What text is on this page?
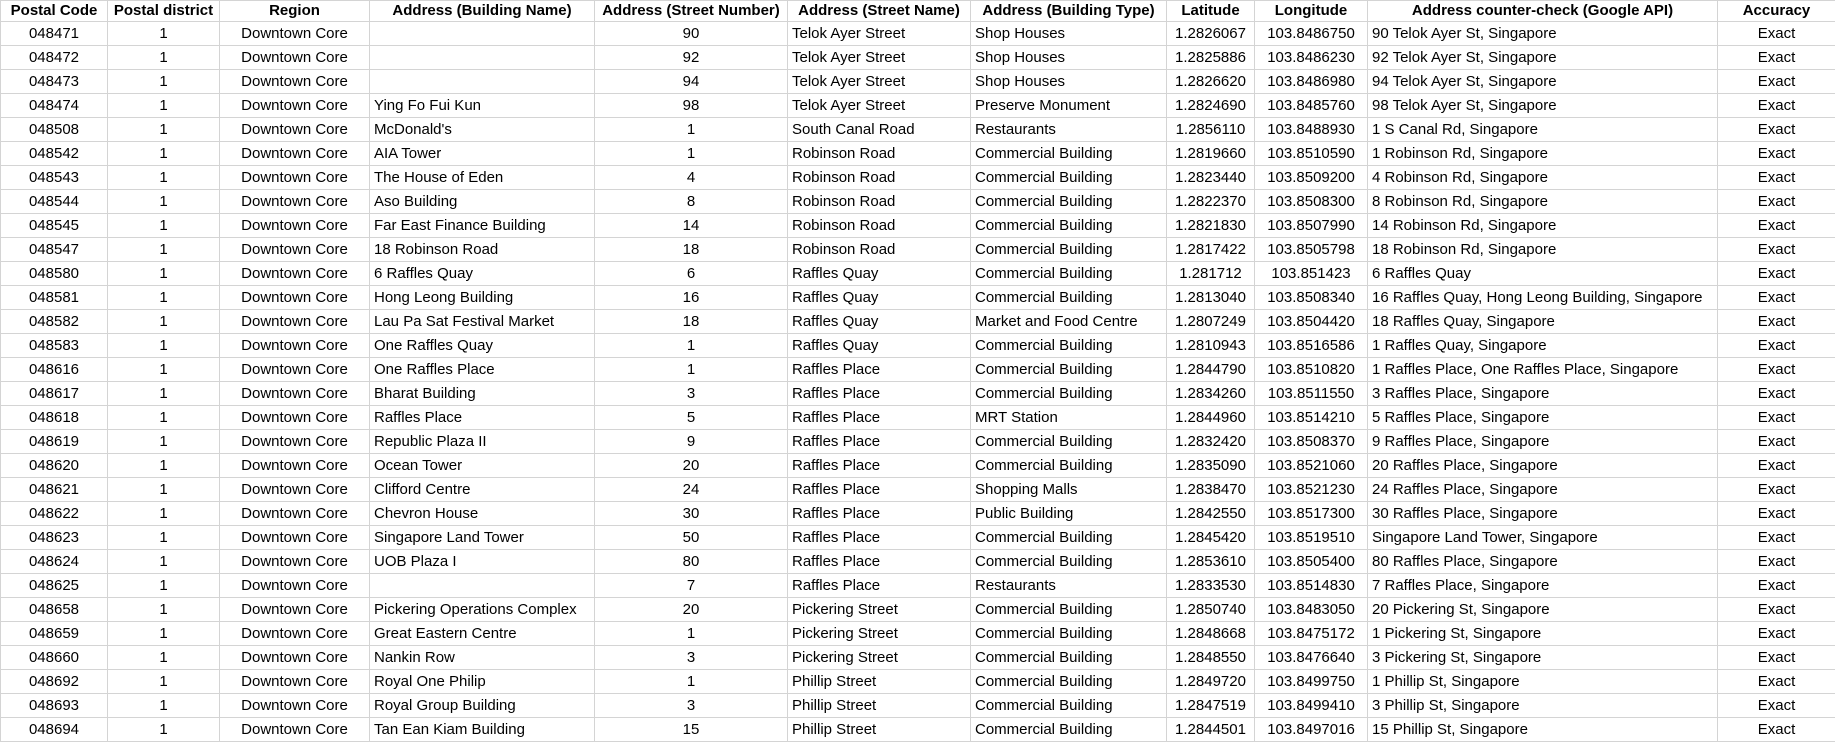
Postal Code	Postal district	Region	Address (Building Name)	Address (Street Number)	Address (Street Name)	Address (Building Type)	Latitude	Longitude	Address counter-check (Google API)	Accuracy
048471	1	Downtown Core		90	Telok Ayer Street	Shop Houses	1.2826067	103.8486750	90 Telok Ayer St, Singapore	Exact
048472	1	Downtown Core		92	Telok Ayer Street	Shop Houses	1.2825886	103.8486230	92 Telok Ayer St, Singapore	Exact
048473	1	Downtown Core		94	Telok Ayer Street	Shop Houses	1.2826620	103.8486980	94 Telok Ayer St, Singapore	Exact
048474	1	Downtown Core	Ying Fo Fui Kun	98	Telok Ayer Street	Preserve Monument	1.2824690	103.8485760	98 Telok Ayer St, Singapore	Exact
048508	1	Downtown Core	McDonald's	1	South Canal Road	Restaurants	1.2856110	103.8488930	1 S Canal Rd, Singapore	Exact
048542	1	Downtown Core	AIA Tower	1	Robinson Road	Commercial Building	1.2819660	103.8510590	1 Robinson Rd, Singapore	Exact
048543	1	Downtown Core	The House of Eden	4	Robinson Road	Commercial Building	1.2823440	103.8509200	4 Robinson Rd, Singapore	Exact
048544	1	Downtown Core	Aso Building	8	Robinson Road	Commercial Building	1.2822370	103.8508300	8 Robinson Rd, Singapore	Exact
048545	1	Downtown Core	Far East Finance Building	14	Robinson Road	Commercial Building	1.2821830	103.8507990	14 Robinson Rd, Singapore	Exact
048547	1	Downtown Core	18 Robinson Road	18	Robinson Road	Commercial Building	1.2817422	103.8505798	18 Robinson Rd, Singapore	Exact
048580	1	Downtown Core	6 Raffles Quay	6	Raffles Quay	Commercial Building	1.281712	103.851423	6 Raffles Quay	Exact
048581	1	Downtown Core	Hong Leong Building	16	Raffles Quay	Commercial Building	1.2813040	103.8508340	16 Raffles Quay, Hong Leong Building, Singapore	Exact
048582	1	Downtown Core	Lau Pa Sat Festival Market	18	Raffles Quay	Market and Food Centre	1.2807249	103.8504420	18 Raffles Quay, Singapore	Exact
048583	1	Downtown Core	One Raffles Quay	1	Raffles Quay	Commercial Building	1.2810943	103.8516586	1 Raffles Quay, Singapore	Exact
048616	1	Downtown Core	One Raffles Place	1	Raffles Place	Commercial Building	1.2844790	103.8510820	1 Raffles Place, One Raffles Place, Singapore	Exact
048617	1	Downtown Core	Bharat Building	3	Raffles Place	Commercial Building	1.2834260	103.8511550	3 Raffles Place, Singapore	Exact
048618	1	Downtown Core	Raffles Place	5	Raffles Place	MRT Station	1.2844960	103.8514210	5 Raffles Place, Singapore	Exact
048619	1	Downtown Core	Republic Plaza II	9	Raffles Place	Commercial Building	1.2832420	103.8508370	9 Raffles Place, Singapore	Exact
048620	1	Downtown Core	Ocean Tower	20	Raffles Place	Commercial Building	1.2835090	103.8521060	20 Raffles Place, Singapore	Exact
048621	1	Downtown Core	Clifford Centre	24	Raffles Place	Shopping Malls	1.2838470	103.8521230	24 Raffles Place, Singapore	Exact
048622	1	Downtown Core	Chevron House	30	Raffles Place	Public Building	1.2842550	103.8517300	30 Raffles Place, Singapore	Exact
048623	1	Downtown Core	Singapore Land Tower	50	Raffles Place	Commercial Building	1.2845420	103.8519510	Singapore Land Tower, Singapore	Exact
048624	1	Downtown Core	UOB Plaza I	80	Raffles Place	Commercial Building	1.2853610	103.8505400	80 Raffles Place, Singapore	Exact
048625	1	Downtown Core		7	Raffles Place	Restaurants	1.2833530	103.8514830	7 Raffles Place, Singapore	Exact
048658	1	Downtown Core	Pickering Operations Complex	20	Pickering Street	Commercial Building	1.2850740	103.8483050	20 Pickering St, Singapore	Exact
048659	1	Downtown Core	Great Eastern Centre	1	Pickering Street	Commercial Building	1.2848668	103.8475172	1 Pickering St, Singapore	Exact
048660	1	Downtown Core	Nankin Row	3	Pickering Street	Commercial Building	1.2848550	103.8476640	3 Pickering St, Singapore	Exact
048692	1	Downtown Core	Royal One Philip	1	Phillip Street	Commercial Building	1.2849720	103.8499750	1 Phillip St, Singapore	Exact
048693	1	Downtown Core	Royal Group Building	3	Phillip Street	Commercial Building	1.2847519	103.8499410	3 Phillip St, Singapore	Exact
048694	1	Downtown Core	Tan Ean Kiam Building	15	Phillip Street	Commercial Building	1.2844501	103.8497016	15 Phillip St, Singapore	Exact
